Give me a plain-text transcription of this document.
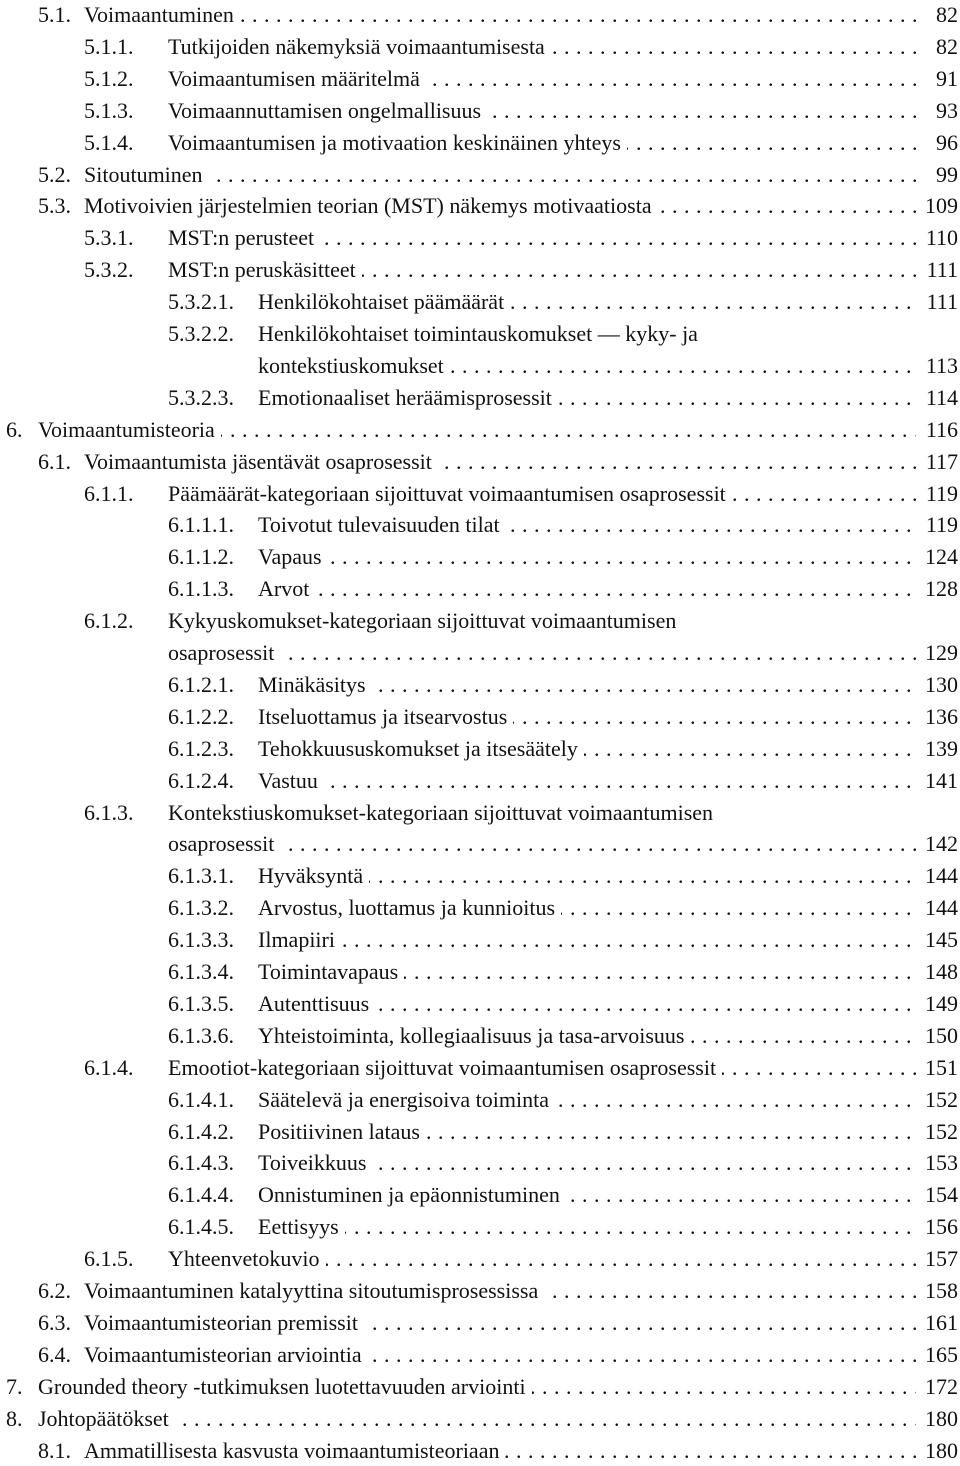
5.1. Voimaantuminen . . .	82
5.1.1. Tutkijoiden näkemyksiä voimaantumisesta . . .	82
5.1.2. Voimaantumisen määritelmä . . .	91
5.1.3. Voimaannuttamisen ongelmallisuus . . .	93
5.1.4. Voimaantumisen ja motivaation keskinäinen yhteys . . .	96
5.2. Sitoutuminen . . .	99
5.3. Motivoivien järjestelmien teorian (MST) näkemys motivaatiosta . . .	109
5.3.1. MST:n perusteet . . .	110
5.3.2. MST:n peruskäsitteet . . .	111
5.3.2.1. Henkilökohtaiset päämäärät . . .	111
5.3.2.2. Henkilökohtaiset toimintauskomukset — kyky- ja
kontekstiuskomukset . . .	113
5.3.2.3. Emotionaaliset heräämisprosessit . . .	114
6. Voimaantumisteoria . . .	116
6.1. Voimaantumista jäsentävät osaprosessit . . .	117
6.1.1. Päämäärät-kategoriaan sijoittuvat voimaantumisen osaprosessit . . .	119
6.1.1.1. Toivotut tulevaisuuden tilat . . .	119
6.1.1.2. Vapaus . . .	124
6.1.1.3. Arvot . . .	128
6.1.2. Kykyuskomukset-kategoriaan sijoittuvat voimaantumisen
osaprosessit . . .	129
6.1.2.1. Minäkäsitys . . .	130
6.1.2.2. Itseluottamus ja itsearvostus . . .	136
6.1.2.3. Tehokkuususkomukset ja itsesäätely . . .	139
6.1.2.4. Vastuu . . .	141
6.1.3. Kontekstiuskomukset-kategoriaan sijoittuvat voimaantumisen
osaprosessit . . .	142
6.1.3.1. Hyväksyntä . . .	144
6.1.3.2. Arvostus, luottamus ja kunnioitus . . .	144
6.1.3.3. Ilmapiiri . . .	145
6.1.3.4. Toimintavapaus . . .	148
6.1.3.5. Autenttisuus . . .	149
6.1.3.6. Yhteistoiminta, kollegiaalisuus ja tasa-arvoisuus . . .	150
6.1.4. Emootiot-kategoriaan sijoittuvat voimaantumisen osaprosessit . . .	151
6.1.4.1. Säätelevä ja energisoiva toiminta . . .	152
6.1.4.2. Positiivinen lataus . . .	152
6.1.4.3. Toiveikkuus . . .	153
6.1.4.4. Onnistuminen ja epäonnistuminen . . .	154
6.1.4.5. Eettisyys . . .	156
6.1.5. Yhteenvetokuvio . . .	157
6.2. Voimaantuminen katalyyttina sitoutumisprosessissa . . .	158
6.3. Voimaantumisteorian premissit . . .	161
6.4. Voimaantumisteorian arviointia . . .	165
7. Grounded theory -tutkimuksen luotettavuuden arviointi . . .	172
8. Johtopäätökset . . .	180
8.1. Ammatillisesta kasvusta voimaantumisteoriaan . . .	180
